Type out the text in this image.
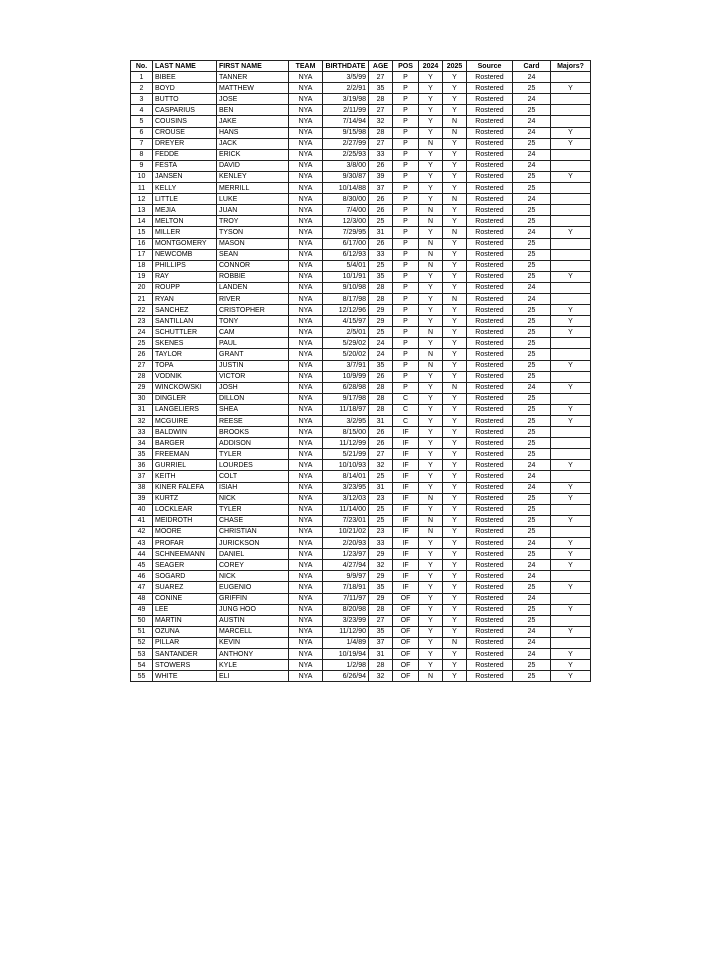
No.	LAST NAME	FIRST NAME	TEAM	BIRTHDATE	AGE	POS	2024	2025	Source	Card	Majors?
1	BIBEE	TANNER	NYA	3/5/99	27	P	Y	Y	Rostered	24	
2	BOYD	MATTHEW	NYA	2/2/91	35	P	Y	Y	Rostered	25	Y
3	BUTTO	JOSE	NYA	3/19/98	28	P	Y	Y	Rostered	24	
4	CASPARIUS	BEN	NYA	2/11/99	27	P	Y	Y	Rostered	25	
5	COUSINS	JAKE	NYA	7/14/94	32	P	Y	N	Rostered	24	
6	CROUSE	HANS	NYA	9/15/98	28	P	Y	N	Rostered	24	Y
7	DREYER	JACK	NYA	2/27/99	27	P	N	Y	Rostered	25	Y
8	FEDDE	ERICK	NYA	2/25/93	33	P	Y	Y	Rostered	24	
9	FESTA	DAVID	NYA	3/8/00	26	P	Y	Y	Rostered	24	
10	JANSEN	KENLEY	NYA	9/30/87	39	P	Y	Y	Rostered	25	Y
11	KELLY	MERRILL	NYA	10/14/88	37	P	Y	Y	Rostered	25	
12	LITTLE	LUKE	NYA	8/30/00	26	P	Y	N	Rostered	24	
13	MEJIA	JUAN	NYA	7/4/00	26	P	N	Y	Rostered	25	
14	MELTON	TROY	NYA	12/3/00	25	P	N	Y	Rostered	25	
15	MILLER	TYSON	NYA	7/29/95	31	P	Y	N	Rostered	24	Y
16	MONTGOMERY	MASON	NYA	6/17/00	26	P	N	Y	Rostered	25	
17	NEWCOMB	SEAN	NYA	6/12/93	33	P	N	Y	Rostered	25	
18	PHILLIPS	CONNOR	NYA	5/4/01	25	P	N	Y	Rostered	25	
19	RAY	ROBBIE	NYA	10/1/91	35	P	Y	Y	Rostered	25	Y
20	ROUPP	LANDEN	NYA	9/10/98	28	P	Y	Y	Rostered	24	
21	RYAN	RIVER	NYA	8/17/98	28	P	Y	N	Rostered	24	
22	SANCHEZ	CRISTOPHER	NYA	12/12/96	29	P	Y	Y	Rostered	25	Y
23	SANTILLAN	TONY	NYA	4/15/97	29	P	Y	Y	Rostered	25	Y
24	SCHUTTLER	CAM	NYA	2/5/01	25	P	N	Y	Rostered	25	Y
25	SKENES	PAUL	NYA	5/29/02	24	P	Y	Y	Rostered	25	
26	TAYLOR	GRANT	NYA	5/20/02	24	P	N	Y	Rostered	25	
27	TOPA	JUSTIN	NYA	3/7/91	35	P	N	Y	Rostered	25	Y
28	VODNIK	VICTOR	NYA	10/9/99	26	P	Y	Y	Rostered	25	
29	WINCKOWSKI	JOSH	NYA	6/28/98	28	P	Y	N	Rostered	24	Y
30	DINGLER	DILLON	NYA	9/17/98	28	C	Y	Y	Rostered	25	
31	LANGELIERS	SHEA	NYA	11/18/97	28	C	Y	Y	Rostered	25	Y
32	MCGUIRE	REESE	NYA	3/2/95	31	C	Y	Y	Rostered	25	Y
33	BALDWIN	BROOKS	NYA	8/15/00	26	IF	Y	Y	Rostered	25	
34	BARGER	ADDISON	NYA	11/12/99	26	IF	Y	Y	Rostered	25	
35	FREEMAN	TYLER	NYA	5/21/99	27	IF	Y	Y	Rostered	25	
36	GURRIEL	LOURDES	NYA	10/10/93	32	IF	Y	Y	Rostered	24	Y
37	KEITH	COLT	NYA	8/14/01	25	IF	Y	Y	Rostered	24	
38	KINER FALEFA	ISIAH	NYA	3/23/95	31	IF	Y	Y	Rostered	24	Y
39	KURTZ	NICK	NYA	3/12/03	23	IF	N	Y	Rostered	25	Y
40	LOCKLEAR	TYLER	NYA	11/14/00	25	IF	Y	Y	Rostered	25	
41	MEIDROTH	CHASE	NYA	7/23/01	25	IF	N	Y	Rostered	25	Y
42	MOORE	CHRISTIAN	NYA	10/21/02	23	IF	N	Y	Rostered	25	
43	PROFAR	JURICKSON	NYA	2/20/93	33	IF	Y	Y	Rostered	24	Y
44	SCHNEEMANN	DANIEL	NYA	1/23/97	29	IF	Y	Y	Rostered	25	Y
45	SEAGER	COREY	NYA	4/27/94	32	IF	Y	Y	Rostered	24	Y
46	SOGARD	NICK	NYA	9/9/97	29	IF	Y	Y	Rostered	24	
47	SUAREZ	EUGENIO	NYA	7/18/91	35	IF	Y	Y	Rostered	25	Y
48	CONINE	GRIFFIN	NYA	7/11/97	29	OF	Y	Y	Rostered	24	
49	LEE	JUNG HOO	NYA	8/20/98	28	OF	Y	Y	Rostered	25	Y
50	MARTIN	AUSTIN	NYA	3/23/99	27	OF	Y	Y	Rostered	25	
51	OZUNA	MARCELL	NYA	11/12/90	35	OF	Y	Y	Rostered	24	Y
52	PILLAR	KEVIN	NYA	1/4/89	37	OF	Y	N	Rostered	24	
53	SANTANDER	ANTHONY	NYA	10/19/94	31	OF	Y	Y	Rostered	24	Y
54	STOWERS	KYLE	NYA	1/2/98	28	OF	Y	Y	Rostered	25	Y
55	WHITE	ELI	NYA	6/26/94	32	OF	N	Y	Rostered	25	Y
